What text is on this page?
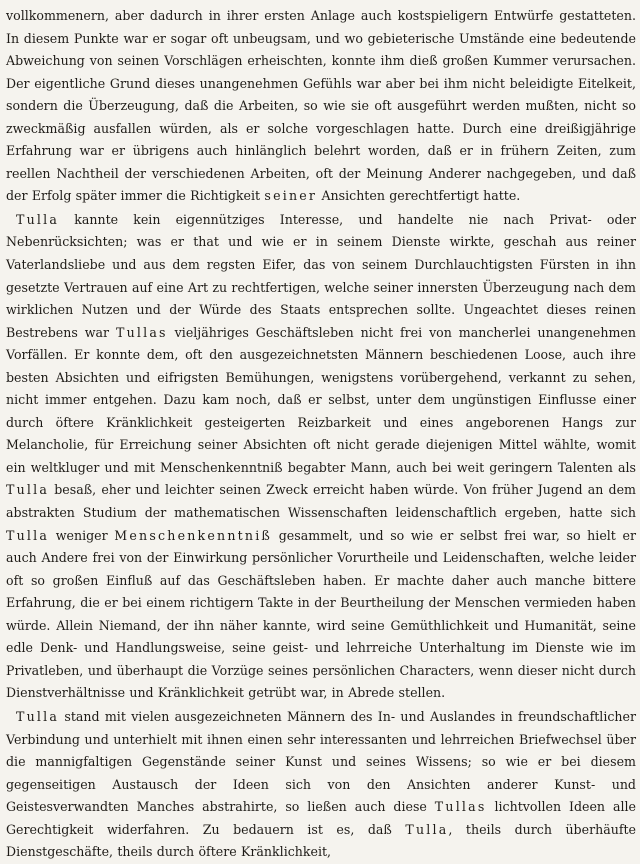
vollkommenern, aber dadurch in ihrer ersten Anlage auch kostspieligern Entwürfe gestatteten. In diesem Punkte war er sogar oft unbeugsam, und wo gebieterische Umstände eine bedeutende Abweichung von seinen Vorschlägen erheischten, konnte ihm dieß großen Kummer verursachen. Der eigentliche Grund dieses unangenehmen Gefühls war aber bei ihm nicht beleidigte Eitelkeit, sondern die Überzeugung, daß die Arbeiten, so wie sie oft ausgeführt werden mußten, nicht so zweckmäßig ausfallen würden, als er solche vorgeschlagen hatte. Durch eine dreißigjährige Erfahrung war er übrigens auch hinlänglich belehrt worden, daß er in frühern Zeiten, zum reellen Nachtheil der verschiedenen Arbeiten, oft der Meinung Anderer nachgegeben, und daß der Erfolg später immer die Richtigkeit seiner Ansichten gerechtfertigt hatte.

Tulla kannte kein eigennütziges Interesse, und handelte nie nach Privat- oder Nebenrücksichten; was er that und wie er in seinem Dienste wirkte, geschah aus reiner Vaterlandsliebe und aus dem regsten Eifer, das von seinem Durchlauchtigsten Fürsten in ihn gesetzte Vertrauen auf eine Art zu rechtfertigen, welche seiner innersten Überzeugung nach dem wirklichen Nutzen und der Würde des Staats entsprechen sollte. Ungeachtet dieses reinen Bestrebens war Tullas vieljähriges Geschäftsleben nicht frei von mancherlei unangenehmen Vorfällen. Er konnte dem, oft den ausgezeichnetsten Männern beschiedenen Loose, auch ihre besten Absichten und eifrigsten Bemühungen, wenigstens vorübergehend, verkannt zu sehen, nicht immer entgehen. Dazu kam noch, daß er selbst, unter dem ungünstigen Einflusse einer durch öftere Kränklichkeit gesteigerten Reizbarkeit und eines angeborenen Hangs zur Melancholie, für Erreichung seiner Absichten oft nicht gerade diejenigen Mittel wählte, womit ein weltkluger und mit Menschenkenntniß begabter Mann, auch bei weit geringern Talenten als Tulla besaß, eher und leichter seinen Zweck erreicht haben würde. Von früher Jugend an dem abstrakten Studium der mathematischen Wissenschaften leidenschaftlich ergeben, hatte sich Tulla weniger Menschenkenntniß gesammelt, und so wie er selbst frei war, so hielt er auch Andere frei von der Einwirkung persönlicher Vorurtheile und Leidenschaften, welche leider oft so großen Einfluß auf das Geschäftsleben haben. Er machte daher auch manche bittere Erfahrung, die er bei einem richtigern Takte in der Beurtheilung der Menschen vermieden haben würde. Allein Niemand, der ihn näher kannte, wird seine Gemüthlichkeit und Humanität, seine edle Denk- und Handlungsweise, seine geist- und lehrreiche Unterhaltung im Dienste wie im Privatleben, und überhaupt die Vorzüge seines persönlichen Characters, wenn dieser nicht durch Dienstverhältnisse und Kränklichkeit getrübt war, in Abrede stellen.

Tulla stand mit vielen ausgezeichneten Männern des In- und Auslandes in freundschaftlicher Verbindung und unterhielt mit ihnen einen sehr interessanten und lehrreichen Briefwechsel über die mannigfaltigen Gegenstände seiner Kunst und seines Wissens; so wie er bei diesem gegenseitigen Austausch der Ideen sich von den Ansichten anderer Kunst- und Geistesverwandten Manches abstrahirte, so ließen auch diese Tullas lichtvollen Ideen alle Gerechtigkeit widerfahren. Zu bedauern ist es, daß Tulla, theils durch überhäufte Dienstgeschäfte, theils durch öftere Kränklichkeit,
